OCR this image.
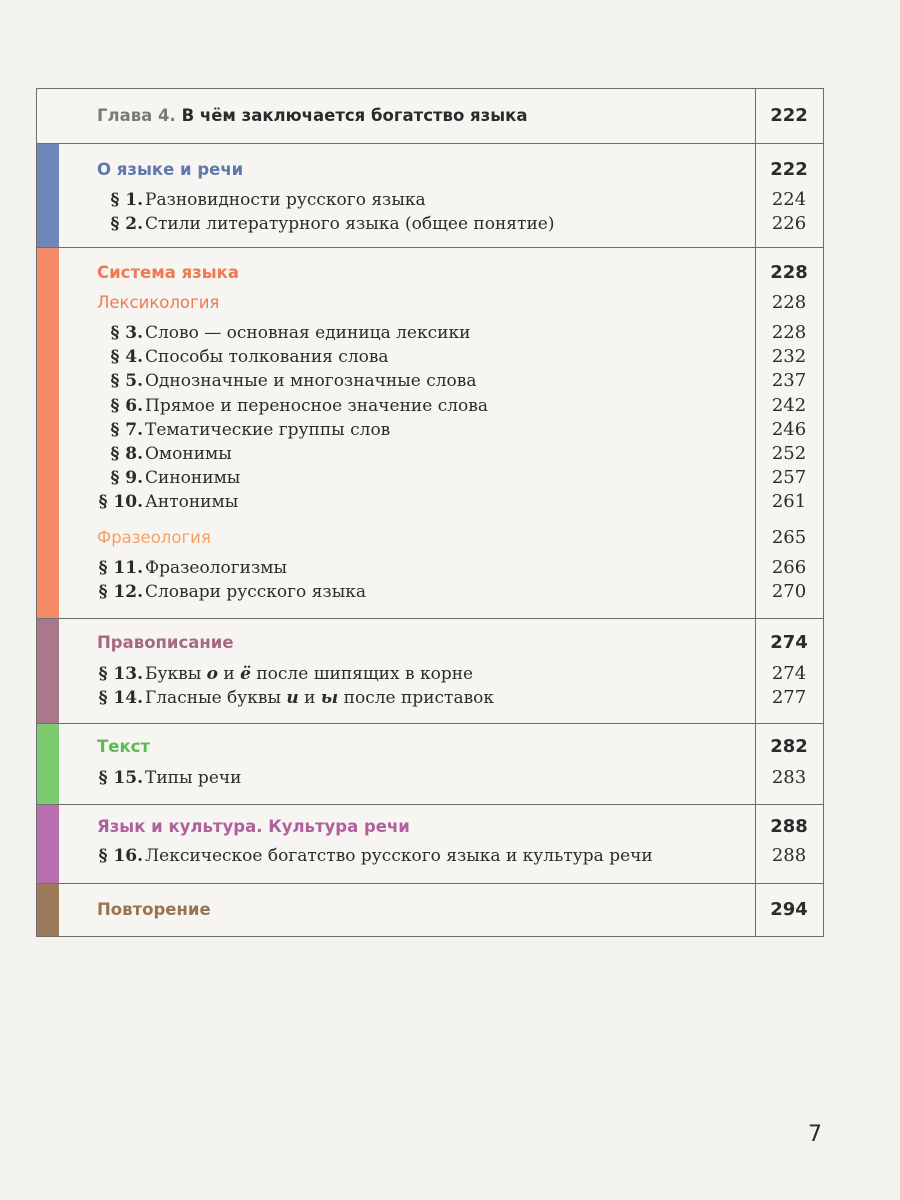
Глава 4. В чём заключается богатство языка	222
О языке и речи	222
§ 1. Разновидности русского языка	224
§ 2. Стили литературного языка (общее понятие)	226
Система языка	228
Лексикология	228
§ 3. Слово — основная единица лексики	228
§ 4. Способы толкования слова	232
§ 5. Однозначные и многозначные слова	237
§ 6. Прямое и переносное значение слова	242
§ 7. Тематические группы слов	246
§ 8. Омонимы	252
§ 9. Синонимы	257
§ 10. Антонимы	261
Фразеология	265
§ 11. Фразеологизмы	266
§ 12. Словари русского языка	270
Правописание	274
§ 13. Буквы о и ё после шипящих в корне	274
§ 14. Гласные буквы и и ы после приставок	277
Текст	282
§ 15. Типы речи	283
Язык и культура. Культура речи	288
§ 16. Лексическое богатство русского языка и культура речи	288
Повторение	294
7
